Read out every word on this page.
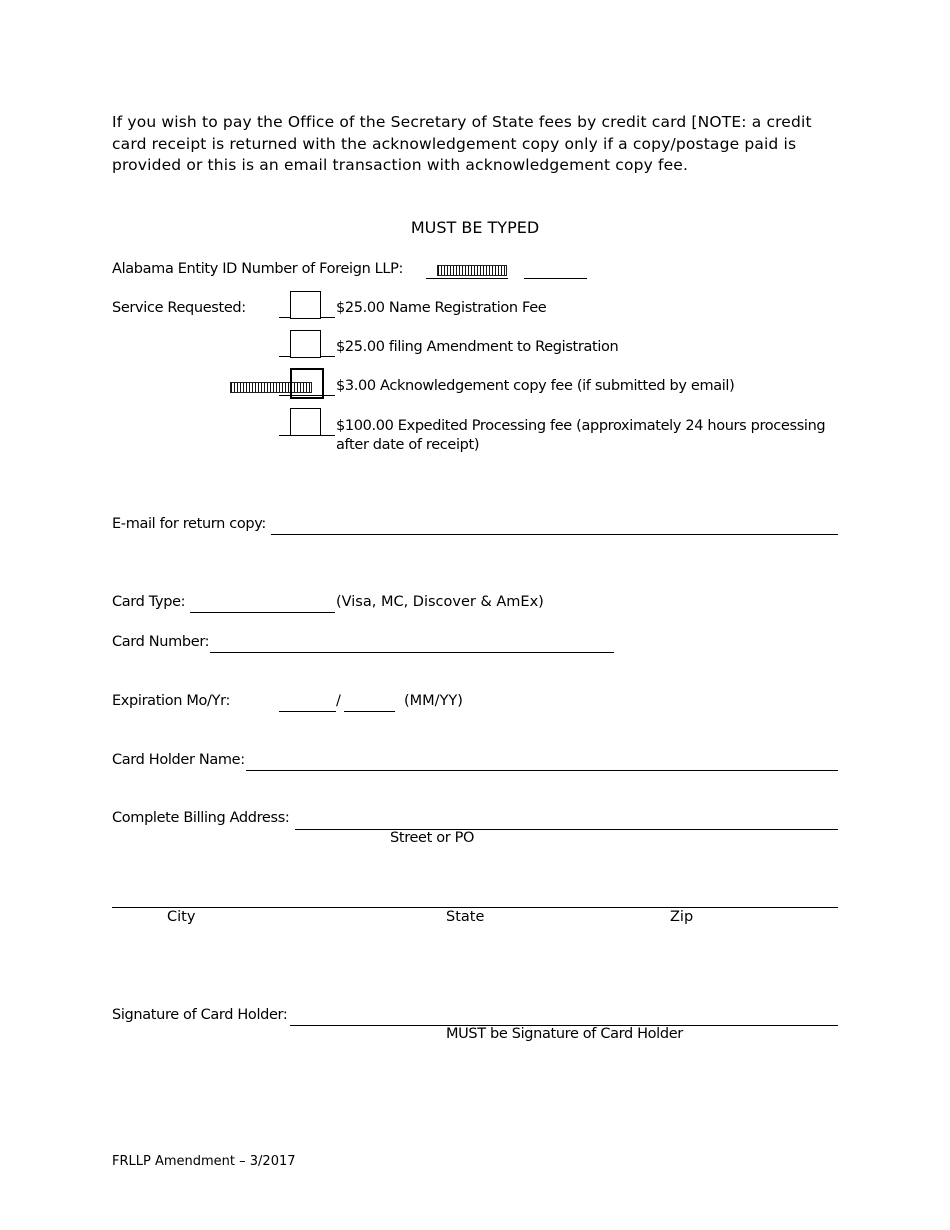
If you wish to pay the Office of the Secretary of State fees by credit card [NOTE: a credit card receipt is returned with the acknowledgement copy only if a copy/postage paid is provided or this is an email transaction with acknowledgement copy fee.
MUST BE TYPED
Alabama Entity ID Number of Foreign LLP:
Service Requested:	$25.00 Name Registration Fee
$25.00 filing Amendment to Registration
$3.00 Acknowledgement copy fee (if submitted by email)
$100.00 Expedited Processing fee (approximately 24 hours processing
after date of receipt)
E-mail for return copy:
Card Type:	(Visa, MC, Discover & AmEx)
Card Number:
Expiration Mo/Yr:	/	(MM/YY)
Card Holder Name:
Complete Billing Address:
Street or PO
City	State	Zip
Signature of Card Holder:
MUST be Signature of Card Holder
FRLLP Amendment – 3/2017
